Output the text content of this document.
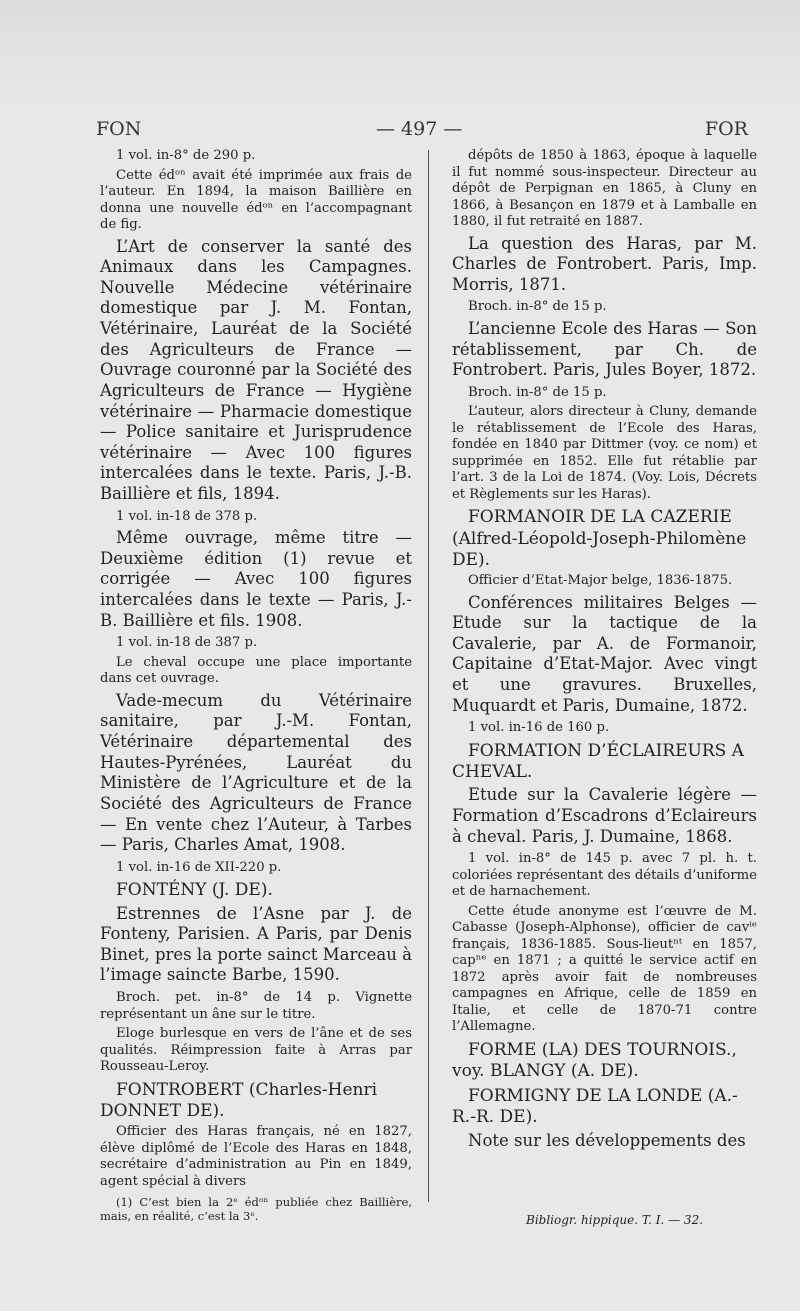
FON	— 497 —	FOR
1 vol. in-8° de 290 p.
Cette édᵒⁿ avait été imprimée aux frais de l’auteur. En 1894, la maison Baillière en donna une nouvelle édᵒⁿ en l’accompagnant de fig.
L’Art de conserver la santé des Animaux dans les Campagnes. Nouvelle Médecine vétérinaire domestique par J. M. Fontan, Vétérinaire, Lauréat de la Société des Agriculteurs de France — Ouvrage couronné par la Société des Agriculteurs de France — Hygiène vétérinaire — Pharmacie domestique — Police sanitaire et Jurisprudence vétérinaire — Avec 100 figures intercalées dans le texte. Paris, J.-B. Baillière et fils, 1894.
1 vol. in-18 de 378 p.
Même ouvrage, même titre — Deuxième édition (1) revue et corrigée — Avec 100 figures intercalées dans le texte — Paris, J.-B. Baillière et fils. 1908.
1 vol. in-18 de 387 p.
Le cheval occupe une place importante dans cet ouvrage.
Vade-mecum du Vétérinaire sanitaire, par J.-M. Fontan, Vétérinaire départemental des Hautes-Pyrénées, Lauréat du Ministère de l’Agriculture et de la Société des Agriculteurs de France — En vente chez l’Auteur, à Tarbes — Paris, Charles Amat, 1908.
1 vol. in-16 de XII-220 p.
FONTÉNY (J. DE).
Estrennes de l’Asne par J. de Fonteny, Parisien. A Paris, par Denis Binet, pres la porte sainct Marceau à l’image saincte Barbe, 1590.
Broch. pet. in-8° de 14 p. Vignette représentant un âne sur le titre.
Eloge burlesque en vers de l’âne et de ses qualités. Réimpression faite à Arras par Rousseau-Leroy.
FONTROBERT (Charles-Henri DONNET DE).
Officier des Haras français, né en 1827, élève diplômé de l’Ecole des Haras en 1848, secrétaire d’administration au Pin en 1849, agent spécial à divers
(1) C’est bien la 2ᵉ édᵒⁿ publiée chez Baillière, mais, en réalité, c’est la 3ᵉ.
dépôts de 1850 à 1863, époque à laquelle il fut nommé sous-inspecteur. Directeur au dépôt de Perpignan en 1865, à Cluny en 1866, à Besançon en 1879 et à Lamballe en 1880, il fut retraité en 1887.
La question des Haras, par M. Charles de Fontrobert. Paris, Imp. Morris, 1871.
Broch. in-8° de 15 p.
L’ancienne Ecole des Haras — Son rétablissement, par Ch. de Fontrobert. Paris, Jules Boyer, 1872.
Broch. in-8° de 15 p.
L’auteur, alors directeur à Cluny, demande le rétablissement de l’Ecole des Haras, fondée en 1840 par Dittmer (voy. ce nom) et supprimée en 1852. Elle fut rétablie par l’art. 3 de la Loi de 1874. (Voy. Lois, Décrets et Règlements sur les Haras).
FORMANOIR DE LA CAZERIE (Alfred-Léopold-Joseph-Philomène DE).
Officier d’Etat-Major belge, 1836-1875.
Conférences militaires Belges — Etude sur la tactique de la Cavalerie, par A. de Formanoir, Capitaine d’Etat-Major. Avec vingt et une gravures. Bruxelles, Muquardt et Paris, Dumaine, 1872.
1 vol. in-16 de 160 p.
FORMATION D’ÉCLAIREURS A CHEVAL.
Etude sur la Cavalerie légère — Formation d’Escadrons d’Eclaireurs à cheval. Paris, J. Dumaine, 1868.
1 vol. in-8° de 145 p. avec 7 pl. h. t. coloriées représentant des détails d’uniforme et de harnachement.
Cette étude anonyme est l’œuvre de M. Cabasse (Joseph-Alphonse), officier de cavⁱᵉ français, 1836-1885. Sous-lieutⁿᵗ en 1857, capⁿᵉ en 1871 ; a quitté le service actif en 1872 après avoir fait de nombreuses campagnes en Afrique, celle de 1859 en Italie, et celle de 1870-71 contre l’Allemagne.
FORME (LA) DES TOURNOIS., voy. BLANGY (A. DE).
FORMIGNY DE LA LONDE (A.-R.-R. DE).
Note sur les développements des
Bibliogr. hippique. T. I. — 32.
